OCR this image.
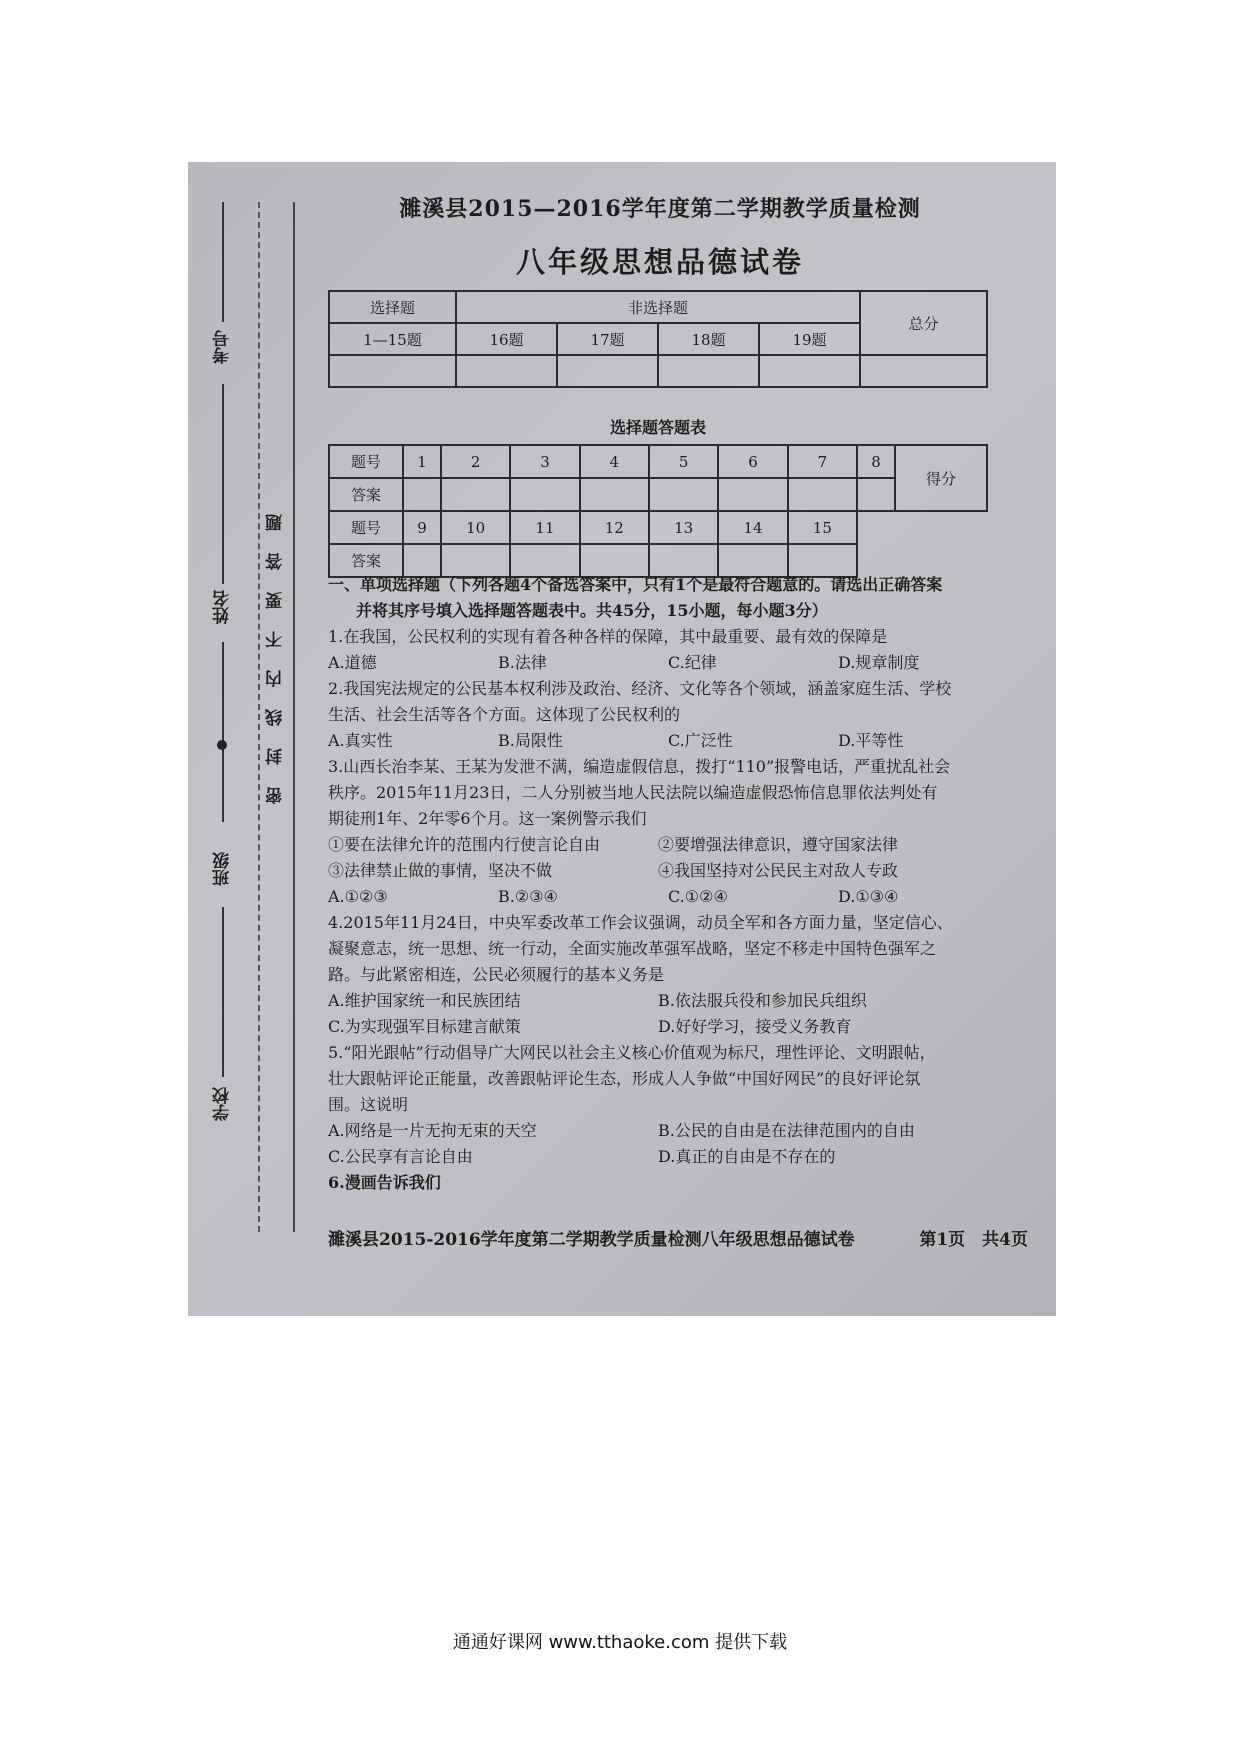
考号
姓名
班级
学校
密封线内不要答题
濉溪县2015—2016学年度第二学期教学质量检测
八年级思想品德试卷
选择题	非选择题				总分
1—15题	16题	17题	18题	19题	

选择题答题表
题号	1	2	3	4	5	6	7	8	得分
答案									
题号	9	10	11	12	13	14	15		
答案									

一、单项选择题（下列各题4个备选答案中，只有1个是最符合题意的。请选出正确答案

并将其序号填入选择题答题表中。共45分，15小题，每小题3分）

1.在我国，公民权利的实现有着各种各样的保障，其中最重要、最有效的保障是

A.道德	B.法律	C.纪律	D.规章制度

2.我国宪法规定的公民基本权利涉及政治、经济、文化等各个领域，涵盖家庭生活、学校

生活、社会生活等各个方面。这体现了公民权利的

A.真实性	B.局限性	C.广泛性	D.平等性

3.山西长治李某、王某为发泄不满，编造虚假信息，拨打“110”报警电话，严重扰乱社会

秩序。2015年11月23日，二人分别被当地人民法院以编造虚假恐怖信息罪依法判处有

期徒刑1年、2年零6个月。这一案例警示我们

①要在法律允许的范围内行使言论自由	②要增强法律意识，遵守国家法律
③法律禁止做的事情，坚决不做	④我国坚持对公民民主对敌人专政
A.①②③	B.②③④	C.①②④	D.①③④

4.2015年11月24日，中央军委改革工作会议强调，动员全军和各方面力量，坚定信心、

凝聚意志，统一思想、统一行动，全面实施改革强军战略，坚定不移走中国特色强军之

路。与此紧密相连，公民必须履行的基本义务是

A.维护国家统一和民族团结	B.依法服兵役和参加民兵组织
C.为实现强军目标建言献策	D.好好学习，接受义务教育

5.“阳光跟帖”行动倡导广大网民以社会主义核心价值观为标尺，理性评论、文明跟帖，

壮大跟帖评论正能量，改善跟帖评论生态，形成人人争做“中国好网民”的良好评论氛

围。这说明

A.网络是一片无拘无束的天空	B.公民的自由是在法律范围内的自由
C.公民享有言论自由	D.真正的自由是不存在的

6.漫画告诉我们

濉溪县2015-2016学年度第二学期教学质量检测八年级思想品德试卷	第1页　共4页
通通好课网 www.tthaoke.com 提供下载
